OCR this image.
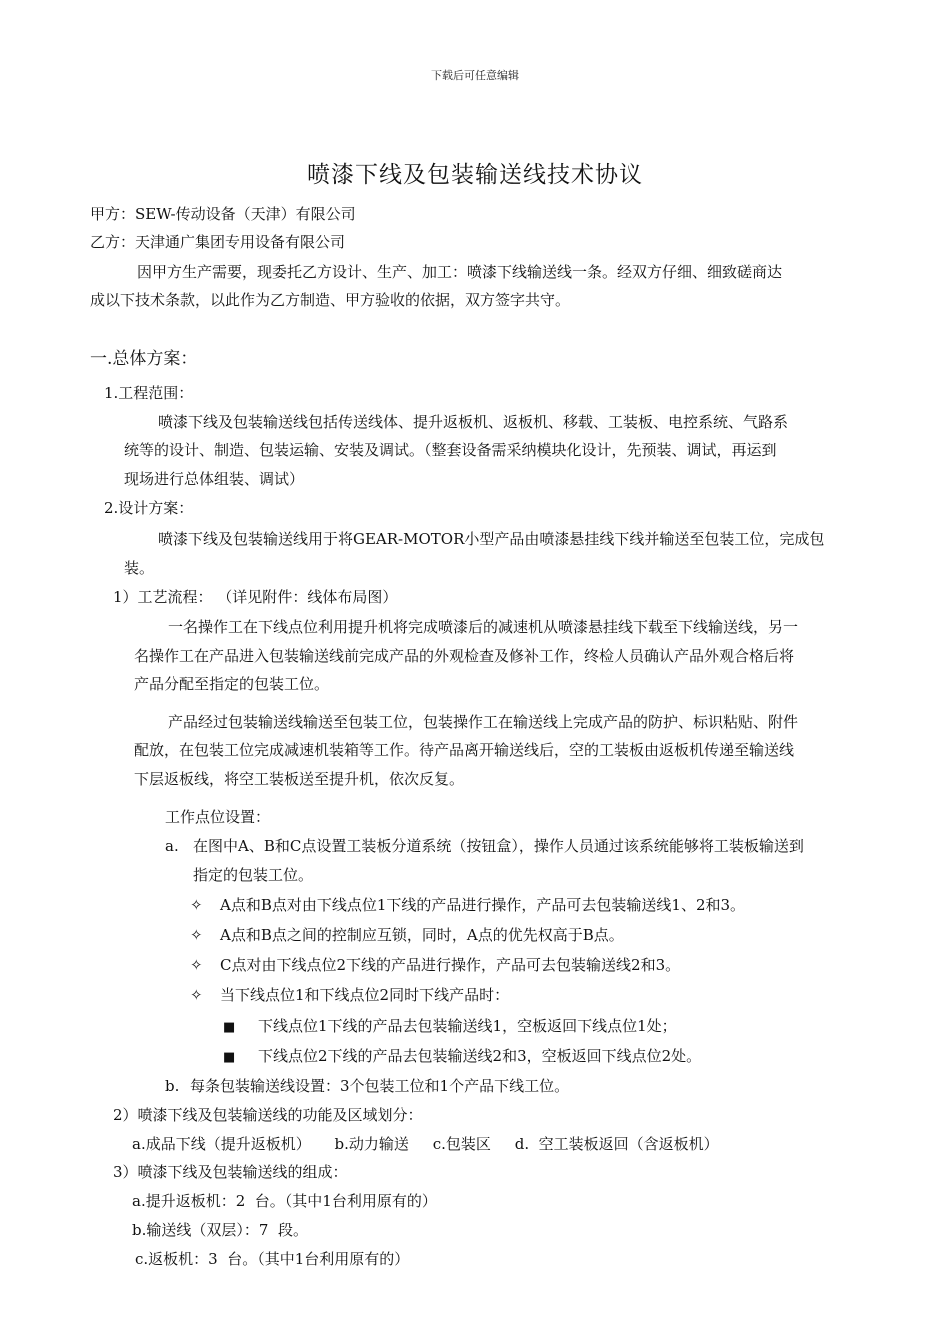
下载后可任意编辑
喷漆下线及包装输送线技术协议
甲方：SEW-传动设备（天津）有限公司
乙方：天津通广集团专用设备有限公司
因甲方生产需要，现委托乙方设计、生产、加工：喷漆下线输送线一条。经双方仔细、细致磋商达
成以下技术条款，以此作为乙方制造、甲方验收的依据，双方签字共守。
一.总体方案：
1.工程范围：
喷漆下线及包装输送线包括传送线体、提升返板机、返板机、移载、工装板、电控系统、气路系
统等的设计、制造、包装运输、安装及调试。（整套设备需采纳模块化设计，先预装、调试，再运到
现场进行总体组装、调试）
2.设计方案：
喷漆下线及包装输送线用于将GEAR-MOTOR小型产品由喷漆悬挂线下线并输送至包装工位，完成包
装。
1）工艺流程： （详见附件：线体布局图）
一名操作工在下线点位利用提升机将完成喷漆后的减速机从喷漆悬挂线下载至下线输送线，另一
名操作工在产品进入包装输送线前完成产品的外观检查及修补工作，终检人员确认产品外观合格后将
产品分配至指定的包装工位。
产品经过包装输送线输送至包装工位，包装操作工在输送线上完成产品的防护、标识粘贴、附件
配放，在包装工位完成减速机装箱等工作。待产品离开输送线后，空的工装板由返板机传递至输送线
下层返板线，将空工装板送至提升机，依次反复。
工作点位设置：
a. 在图中A、B和C点设置工装板分道系统（按钮盒），操作人员通过该系统能够将工装板输送到
指定的包装工位。
✧ A点和B点对由下线点位1下线的产品进行操作，产品可去包装输送线1、2和3。
✧ A点和B点之间的控制应互锁，同时，A点的优先权高于B点。
✧ C点对由下线点位2下线的产品进行操作，产品可去包装输送线2和3。
✧ 当下线点位1和下线点位2同时下线产品时：
■ 下线点位1下线的产品去包装输送线1，空板返回下线点位1处；
■ 下线点位2下线的产品去包装输送线2和3，空板返回下线点位2处。
b. 每条包装输送线设置：3个包装工位和1个产品下线工位。
2）喷漆下线及包装输送线的功能及区域划分：
a.成品下线（提升返板机）     b.动力输送     c.包装区     d.  空工装板返回（含返板机）
3）喷漆下线及包装输送线的组成：
a.提升返板机：2  台。（其中1台利用原有的）
b.输送线（双层）：7  段。
c.返板机：3  台。（其中1台利用原有的）
